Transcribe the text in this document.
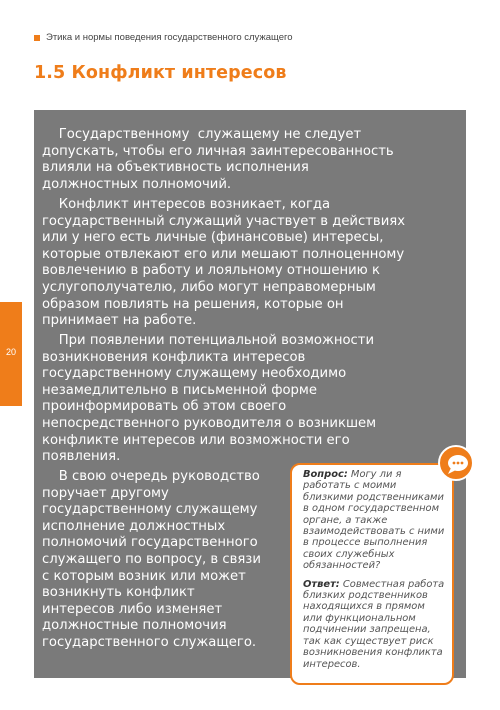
Этика и нормы поведения государственного служащего
1.5 Конфликт интересов
20
Государственному  служащему не следует
допускать, чтобы его личная заинтересованность
влияли на объективность исполнения
должностных полномочий.
Конфликт интересов возникает, когда
государственный служащий участвует в действиях
или у него есть личные (финансовые) интересы,
которые отвлекают его или мешают полноценному
вовлечению в работу и лояльному отношению к
услугополучателю, либо могут неправомерным
образом повлиять на решения, которые он
принимает на работе.
При появлении потенциальной возможности
возникновения конфликта интересов
государственному служащему необходимо
незамедлительно в письменной форме
проинформировать об этом своего
непосредственного руководителя о возникшем
конфликте интересов или возможности его
появления.
В свою очередь руководство
поручает другому
государственному служащему
исполнение должностных
полномочий государственного
служащего по вопросу, в связи
с которым возник или может
возникнуть конфликт
интересов либо изменяет
должностные полномочия
государственного служащего.
Вопрос: Могу ли я
работать с моими
близкими родственниками
в одном государственном
органе, а также
взаимодействовать с ними
в процессе выполнения
своих служебных
обязанностей?
Ответ: Совместная работа
близких родственников
находящихся в прямом
или функциональном
подчинении запрещена,
так как существует риск
возникновения конфликта
интересов.
